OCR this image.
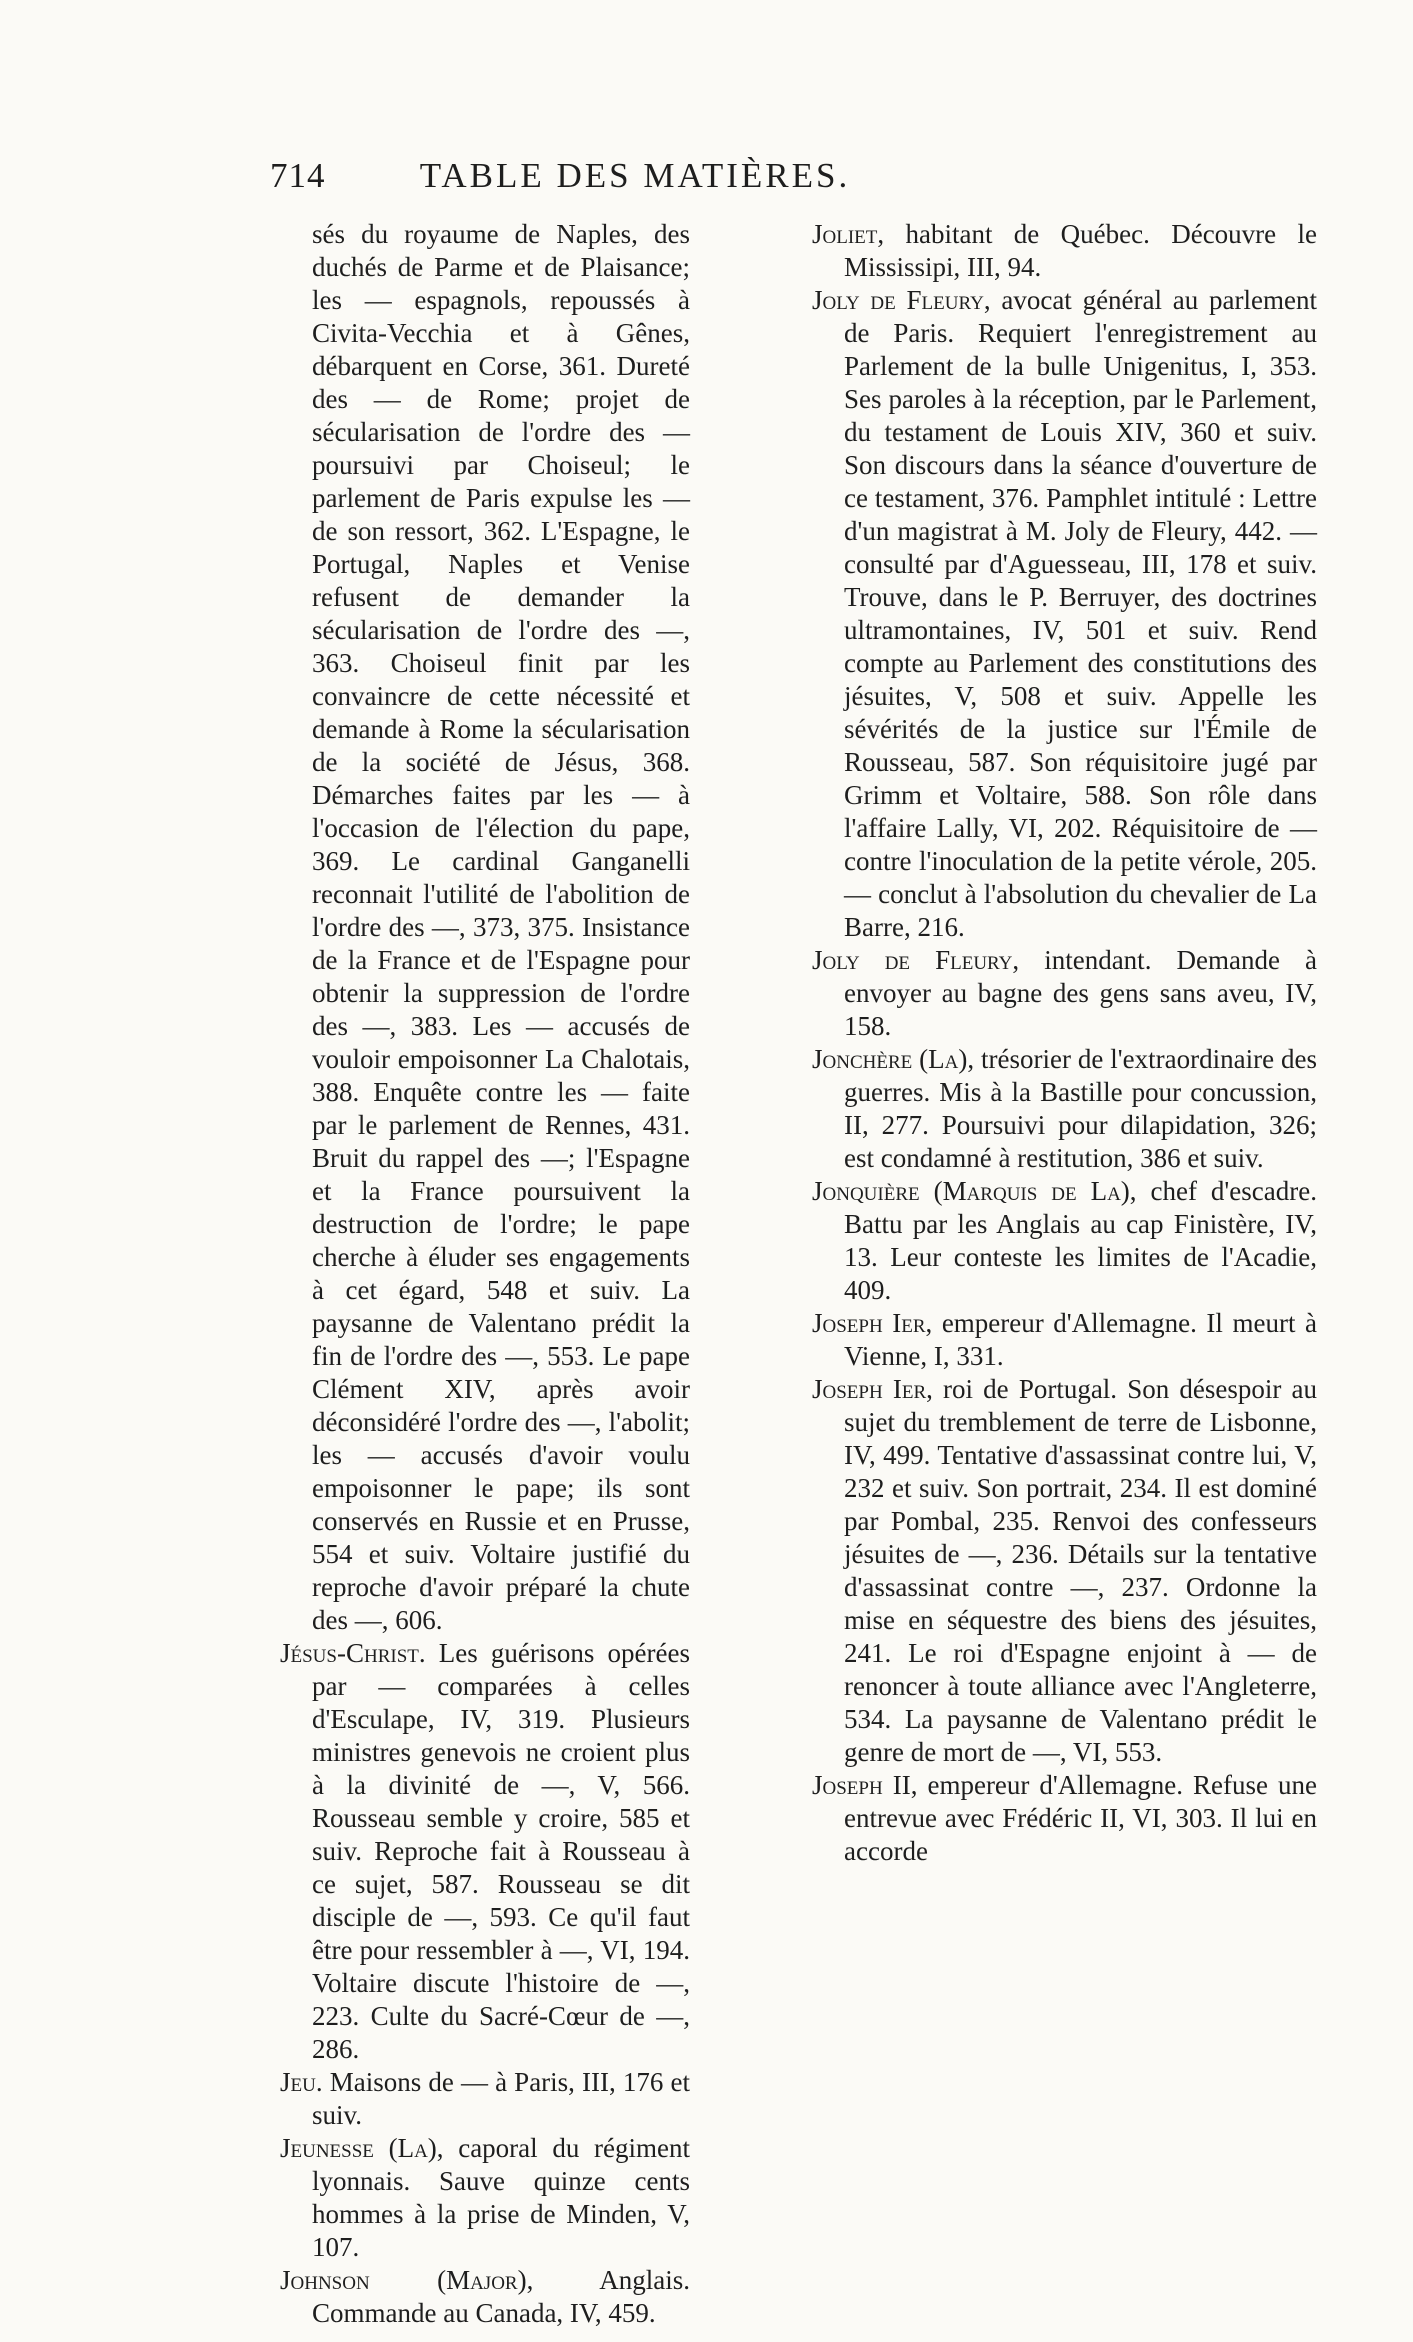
714	TABLE DES MATIÈRES.
sés du royaume de Naples, des duchés de Parme et de Plaisance; les — espagnols, repoussés à Civita-Vecchia et à Gênes, débarquent en Corse, 361. Dureté des — de Rome; projet de sécularisation de l'ordre des — poursuivi par Choiseul; le parlement de Paris expulse les — de son ressort, 362. L'Espagne, le Portugal, Naples et Venise refusent de demander la sécularisation de l'ordre des —, 363. Choiseul finit par les convaincre de cette nécessité et demande à Rome la sécularisation de la société de Jésus, 368. Démarches faites par les — à l'occasion de l'élection du pape, 369. Le cardinal Ganganelli reconnait l'utilité de l'abolition de l'ordre des —, 373, 375. Insistance de la France et de l'Espagne pour obtenir la suppression de l'ordre des —, 383. Les — accusés de vouloir empoisonner La Chalotais, 388. Enquête contre les — faite par le parlement de Rennes, 431. Bruit du rappel des —; l'Espagne et la France poursuivent la destruction de l'ordre; le pape cherche à éluder ses engagements à cet égard, 548 et suiv. La paysanne de Valentano prédit la fin de l'ordre des —, 553. Le pape Clément XIV, après avoir déconsidéré l'ordre des —, l'abolit; les — accusés d'avoir voulu empoisonner le pape; ils sont conservés en Russie et en Prusse, 554 et suiv. Voltaire justifié du reproche d'avoir préparé la chute des —, 606.
Jésus-Christ. Les guérisons opérées par — comparées à celles d'Esculape, IV, 319. Plusieurs ministres genevois ne croient plus à la divinité de —, V, 566. Rousseau semble y croire, 585 et suiv. Reproche fait à Rousseau à ce sujet, 587. Rousseau se dit disciple de —, 593. Ce qu'il faut être pour ressembler à —, VI, 194. Voltaire discute l'histoire de —, 223. Culte du Sacré-Cœur de —, 286.
Jeu. Maisons de — à Paris, III, 176 et suiv.
Jeunesse (La), caporal du régiment lyonnais. Sauve quinze cents hommes à la prise de Minden, V, 107.
Johnson (Major), Anglais. Commande au Canada, IV, 459.
Joliet, habitant de Québec. Découvre le Mississipi, III, 94.
Joly de Fleury, avocat général au parlement de Paris. Requiert l'enregistrement au Parlement de la bulle Unigenitus, I, 353. Ses paroles à la réception, par le Parlement, du testament de Louis XIV, 360 et suiv. Son discours dans la séance d'ouverture de ce testament, 376. Pamphlet intitulé : Lettre d'un magistrat à M. Joly de Fleury, 442. — consulté par d'Aguesseau, III, 178 et suiv. Trouve, dans le P. Berruyer, des doctrines ultramontaines, IV, 501 et suiv. Rend compte au Parlement des constitutions des jésuites, V, 508 et suiv. Appelle les sévérités de la justice sur l'Émile de Rousseau, 587. Son réquisitoire jugé par Grimm et Voltaire, 588. Son rôle dans l'affaire Lally, VI, 202. Réquisitoire de — contre l'inoculation de la petite vérole, 205. — conclut à l'absolution du chevalier de La Barre, 216.
Joly de Fleury, intendant. Demande à envoyer au bagne des gens sans aveu, IV, 158.
Jonchère (La), trésorier de l'extraordinaire des guerres. Mis à la Bastille pour concussion, II, 277. Poursuivi pour dilapidation, 326; est condamné à restitution, 386 et suiv.
Jonquière (Marquis de La), chef d'escadre. Battu par les Anglais au cap Finistère, IV, 13. Leur conteste les limites de l'Acadie, 409.
Joseph Ier, empereur d'Allemagne. Il meurt à Vienne, I, 331.
Joseph Ier, roi de Portugal. Son désespoir au sujet du tremblement de terre de Lisbonne, IV, 499. Tentative d'assassinat contre lui, V, 232 et suiv. Son portrait, 234. Il est dominé par Pombal, 235. Renvoi des confesseurs jésuites de —, 236. Détails sur la tentative d'assassinat contre —, 237. Ordonne la mise en séquestre des biens des jésuites, 241. Le roi d'Espagne enjoint à — de renoncer à toute alliance avec l'Angleterre, 534. La paysanne de Valentano prédit le genre de mort de —, VI, 553.
Joseph II, empereur d'Allemagne. Refuse une entrevue avec Frédéric II, VI, 303. Il lui en accorde
